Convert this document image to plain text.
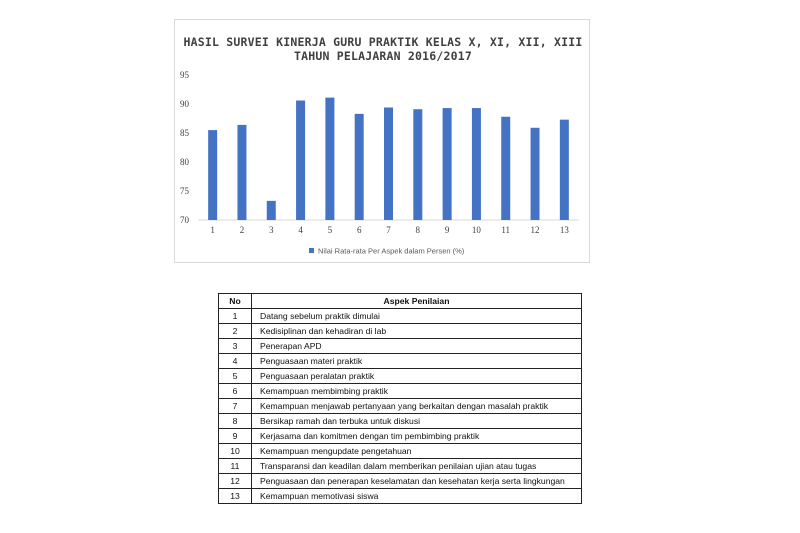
HASIL SURVEI KINERJA GURU PRAKTIK KELAS X, XI, XII, XIII
TAHUN PELAJARAN 2016/2017
70
75
80
85
90
95
1	2	3	4	5	6	7	8	9	10 11 12 13
Nilai Rata-rata Per Aspek dalam Persen (%)
No	Aspek Penilaian
1	Datang sebelum praktik dimulai
2	Kedisiplinan dan kehadiran di lab
3	Penerapan APD
4	Penguasaan materi praktik
5	Penguasaan peralatan praktik
6	Kemampuan membimbing praktik
7	Kemampuan menjawab pertanyaan yang berkaitan dengan masalah praktik
8	Bersikap ramah dan terbuka untuk diskusi
9	Kerjasama dan komitmen dengan tim pembimbing praktik
10	Kemampuan mengupdate pengetahuan
11	Transparansi dan keadilan dalam memberikan penilaian ujian atau tugas
12	Penguasaan dan penerapan keselamatan dan kesehatan kerja serta lingkungan
13	Kemampuan memotivasi siswa
